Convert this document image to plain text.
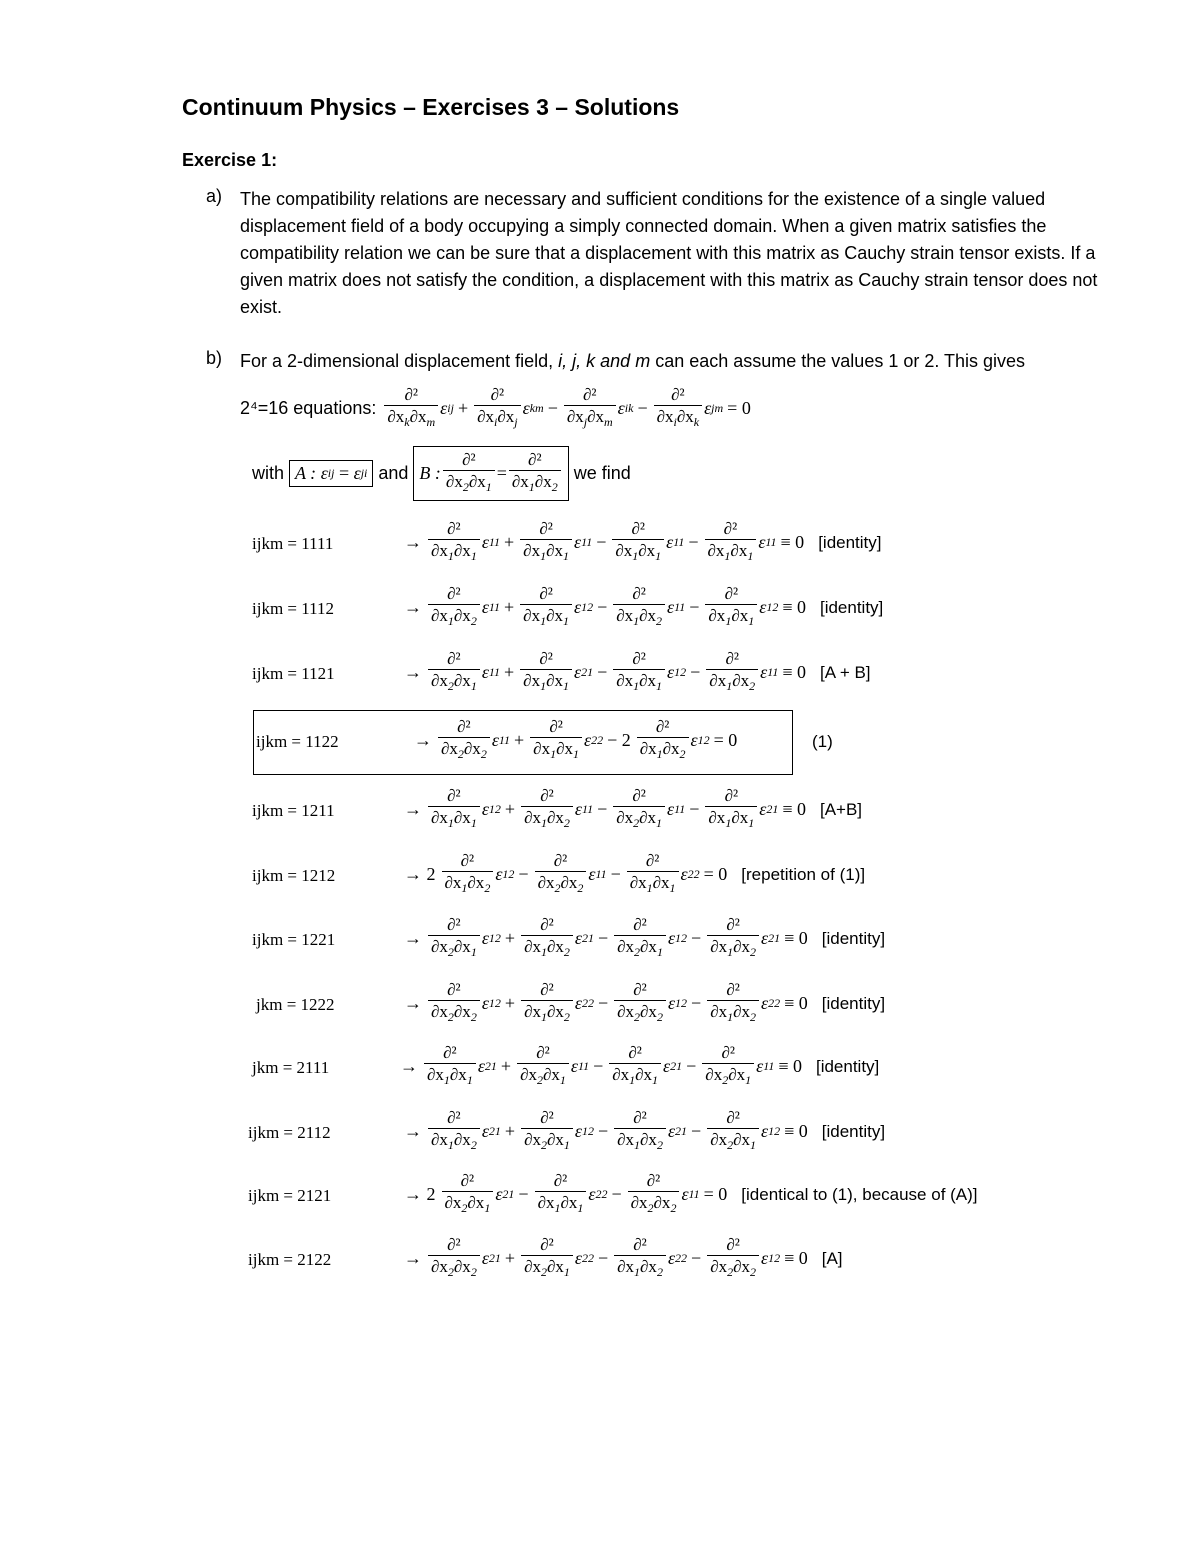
Continuum Physics – Exercises 3 – Solutions
Exercise 1:
a) The compatibility relations are necessary and sufficient conditions for the existence of a single valued displacement field of a body occupying a simply connected domain. When a given matrix satisfies the compatibility relation we can be sure that a displacement with this matrix as Cauchy strain tensor exists. If a given matrix does not satisfy the condition, a displacement with this matrix as Cauchy strain tensor does not exist.
b) For a 2-dimensional displacement field, i, j, k and m can each assume the values 1 or 2. This gives
2⁴=16 equations: $\frac{\text{∂²}}{\partial x_k\partial x_m}$ ε ij + $\frac{\text{∂²}}{\partial x_i\partial x_j}$ ε km − $\frac{\text{∂²}}{\partial x_j\partial x_m}$ ε ik − $\frac{\text{∂²}}{\partial x_i\partial x_k}$ ε jm = 0
with A :
ε ij = ε ji and B : $\frac{\text{∂²}}{\partial x_2\partial x_1} = \frac{\text{∂²}}{\partial x_1\partial x_2}$ we find
ijkm = 1111	→ $\frac{\text{∂²}}{\partial x_1\partial x_1}$ ε $11 + \frac{\text{∂²}}{\partial x_1\partial x_1}$ ε $11 - \frac{\text{∂²}}{\partial x_1\partial x_1}$ ε $11 - \frac{\text{∂²}}{\partial x_1\partial x_1}$ ε 11 ≡ 0 [identity]
ijkm = 1112	→ $\frac{\text{∂²}}{\partial x_1\partial x_2}$ ε $11 + \frac{\text{∂²}}{\partial x_1\partial x_1}$ ε $12 - \frac{\text{∂²}}{\partial x_1\partial x_2}$ ε $11 - \frac{\text{∂²}}{\partial x_1\partial x_1}$ ε 12 ≡ 0 [identity]
ijkm = 1121	→ $\frac{\text{∂²}}{\partial x_2\partial x_1}$ ε $11 + \frac{\text{∂²}}{\partial x_1\partial x_1}$ ε $21 - \frac{\text{∂²}}{\partial x_1\partial x_1}$ ε $12 - \frac{\text{∂²}}{\partial x_1\partial x_2}$ ε 11 ≡ 0 [A + B]
ijkm = 1122	→ $\frac{\text{∂²}}{\partial x_2\partial x_2}$ ε $11 + \frac{\text{∂²}}{\partial x_1\partial x_1}$ ε $22 - 2 \frac{\text{∂²}}{\partial x_1\partial x_2}$ ε 12 = 0	(1)
ijkm = 1211	→ $\frac{\text{∂²}}{\partial x_1\partial x_1}$ ε $12 + \frac{\text{∂²}}{\partial x_1\partial x_2}$ ε $11 - \frac{\text{∂²}}{\partial x_2\partial x_1}$ ε $11 - \frac{\text{∂²}}{\partial x_1\partial x_1}$ ε 21 ≡ 0 [A+B]
ijkm = 1212	→ $2 \frac{\text{∂²}}{\partial x_1\partial x_2}$ ε $12 - \frac{\text{∂²}}{\partial x_2\partial x_2}$ ε $11 - \frac{\text{∂²}}{\partial x_1\partial x_1}$ ε 22 = 0 [repetition of (1)]
ijkm = 1221	→ $\frac{\text{∂²}}{\partial x_2\partial x_1}$ ε $12 + \frac{\text{∂²}}{\partial x_1\partial x_2}$ ε $21 - \frac{\text{∂²}}{\partial x_2\partial x_1}$ ε $12 - \frac{\text{∂²}}{\partial x_1\partial x_2}$ ε 21 ≡ 0 [identity]
jkm = 1222	→ $\frac{\text{∂²}}{\partial x_2\partial x_2}$ ε $12 + \frac{\text{∂²}}{\partial x_1\partial x_2}$ ε $22 - \frac{\text{∂²}}{\partial x_2\partial x_2}$ ε $12 - \frac{\text{∂²}}{\partial x_1\partial x_2}$ ε 22 ≡ 0 [identity]
jkm = 2111	→ $\frac{\text{∂²}}{\partial x_1\partial x_1}$ ε $21 + \frac{\text{∂²}}{\partial x_2\partial x_1}$ ε $11 - \frac{\text{∂²}}{\partial x_1\partial x_1}$ ε $21 - \frac{\text{∂²}}{\partial x_2\partial x_1}$ ε 11 ≡ 0 [identity]
ijkm = 2112	→ $\frac{\text{∂²}}{\partial x_1\partial x_2}$ ε $21 + \frac{\text{∂²}}{\partial x_2\partial x_1}$ ε $12 - \frac{\text{∂²}}{\partial x_1\partial x_2}$ ε $21 - \frac{\text{∂²}}{\partial x_2\partial x_1}$ ε 12 ≡ 0 [identity]
ijkm = 2121	→ $2 \frac{\text{∂²}}{\partial x_2\partial x_1}$ ε $21 - \frac{\text{∂²}}{\partial x_1\partial x_1}$ ε $22 - \frac{\text{∂²}}{\partial x_2\partial x_2}$ ε 11 = 0 [identical to (1), because of (A)]
ijkm = 2122	→ $\frac{\text{∂²}}{\partial x_2\partial x_2}$ ε $21 + \frac{\text{∂²}}{\partial x_2\partial x_1}$ ε $22 - \frac{\text{∂²}}{\partial x_1\partial x_2}$ ε $22 - \frac{\text{∂²}}{\partial x_2\partial x_2}$ ε 12 ≡ 0 [A]
